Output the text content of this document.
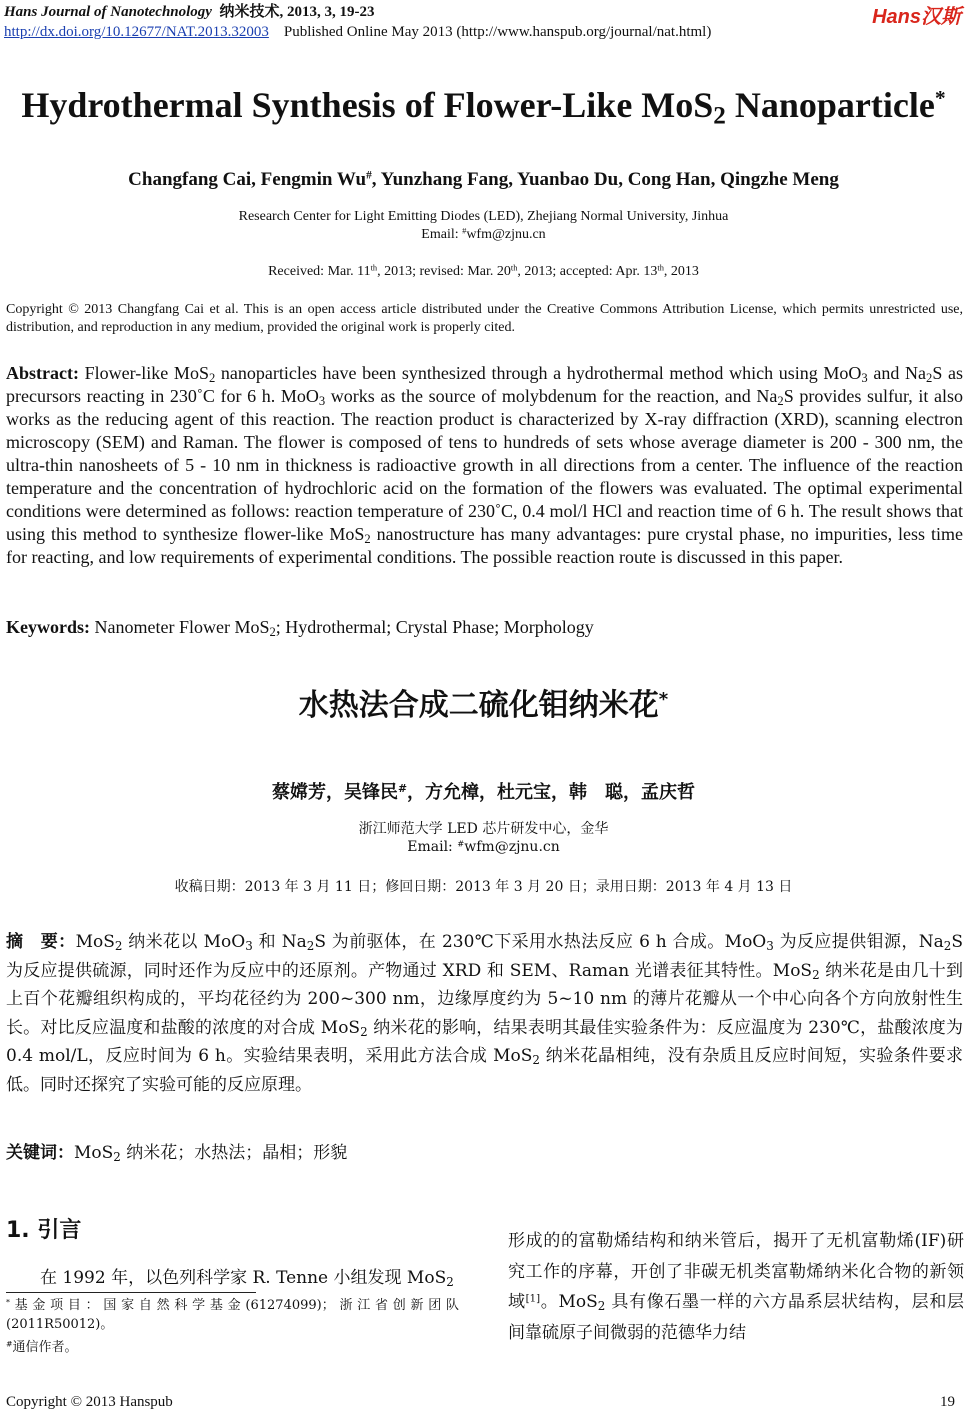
Hans Journal of Nanotechnology 纳米技术, 2013, 3, 19-23
http://dx.doi.org/10.12677/NAT.2013.32003 Published Online May 2013 (http://www.hanspub.org/journal/nat.html)
Hans汉斯
Hydrothermal Synthesis of Flower-Like MoS$_2$ Nanoparticle*
Changfang Cai, Fengmin Wu#, Yunzhang Fang, Yuanbao Du, Cong Han, Qingzhe Meng
Research Center for Light Emitting Diodes (LED), Zhejiang Normal University, Jinhua
Email: #wfm@zjnu.cn
Received: Mar. 11th, 2013; revised: Mar. 20th, 2013; accepted: Apr. 13th, 2013
Copyright © 2013 Changfang Cai et al. This is an open access article distributed under the Creative Commons Attribution License, which permits unrestricted use, distribution, and reproduction in any medium, provided the original work is properly cited.
Abstract: Flower-like MoS$_2$ nanoparticles have been synthesized through a hydrothermal method which using MoO$_3$ and $Na_2S$ as precursors reacting in 230˚C for 6 h. MoO$_3$ works as the source of molybdenum for the reaction, and $Na_2S$ provides sulfur, it also works as the reducing agent of this reaction. The reaction product is characterized by X-ray diffraction (XRD), scanning electron microscopy (SEM) and Raman. The flower is composed of tens to hundreds of sets whose average diameter is 200 - 300 nm, the ultra-thin nanosheets of 5 - 10 nm in thickness is radioactive growth in all directions from a center. The influence of the reaction temperature and the concentration of hydrochloric acid on the formation of the flowers was evaluated. The optimal experimental conditions were determined as follows: reaction temperature of 230˚C, 0.4 mol/l HCl and reaction time of 6 h. The result shows that using this method to synthesize flower-like MoS$_2$ nanostructure has many advantages: pure crystal phase, no impurities, less time for reacting, and low requirements of experimental conditions. The possible reaction route is discussed in this paper.
Keywords: Nanometer Flower MoS$_2$; Hydrothermal; Crystal Phase; Morphology
水热法合成二硫化钼纳米花*
蔡嫦芳，吴锋民#，方允樟，杜元宝，韩　聪，孟庆哲
浙江师范大学 LED 芯片研发中心，金华
Email: #wfm@zjnu.cn
收稿日期：2013 年 3 月 11 日；修回日期：2013 年 3 月 20 日；录用日期：2013 年 4 月 13 日
摘　要：MoS$_2$ 纳米花以 MoO$_3$ 和 $Na_2S$ 为前驱体，在 230℃下采用水热法反应 6 h 合成。MoO$_3$ 为反应提供钼源，$Na_2S$ 为反应提供硫源，同时还作为反应中的还原剂。产物通过 XRD 和 SEM、Raman 光谱表征其特性。MoS$_2$ 纳米花是由几十到上百个花瓣组织构成的，平均花径约为 200~300 nm，边缘厚度约为 5~10 nm 的薄片花瓣从一个中心向各个方向放射性生长。对比反应温度和盐酸的浓度的对合成 MoS$_2$ 纳米花的影响，结果表明其最佳实验条件为：反应温度为 230℃，盐酸浓度为 0.4 mol/L，反应时间为 6 h。实验结果表明，采用此方法合成 MoS$_2$ 纳米花晶相纯，没有杂质且反应时间短，实验条件要求低。同时还探究了实验可能的反应原理。
关键词：MoS$_2$ 纳米花；水热法；晶相；形貌
1. 引言
在 1992 年，以色列科学家 R. Tenne 小组发现 MoS$_2$
*基金项目：国家自然科学基金(61274099)；浙江省创新团队(2011R50012)。
#通信作者。
形成的的富勒烯结构和纳米管后，揭开了无机富勒烯(IF)研究工作的序幕，开创了非碳无机类富勒烯纳米化合物的新领域[1]。MoS$_2$ 具有像石墨一样的六方晶系层状结构，层和层间靠硫原子间微弱的范德华力结
Copyright © 2013 Hanspub	19
